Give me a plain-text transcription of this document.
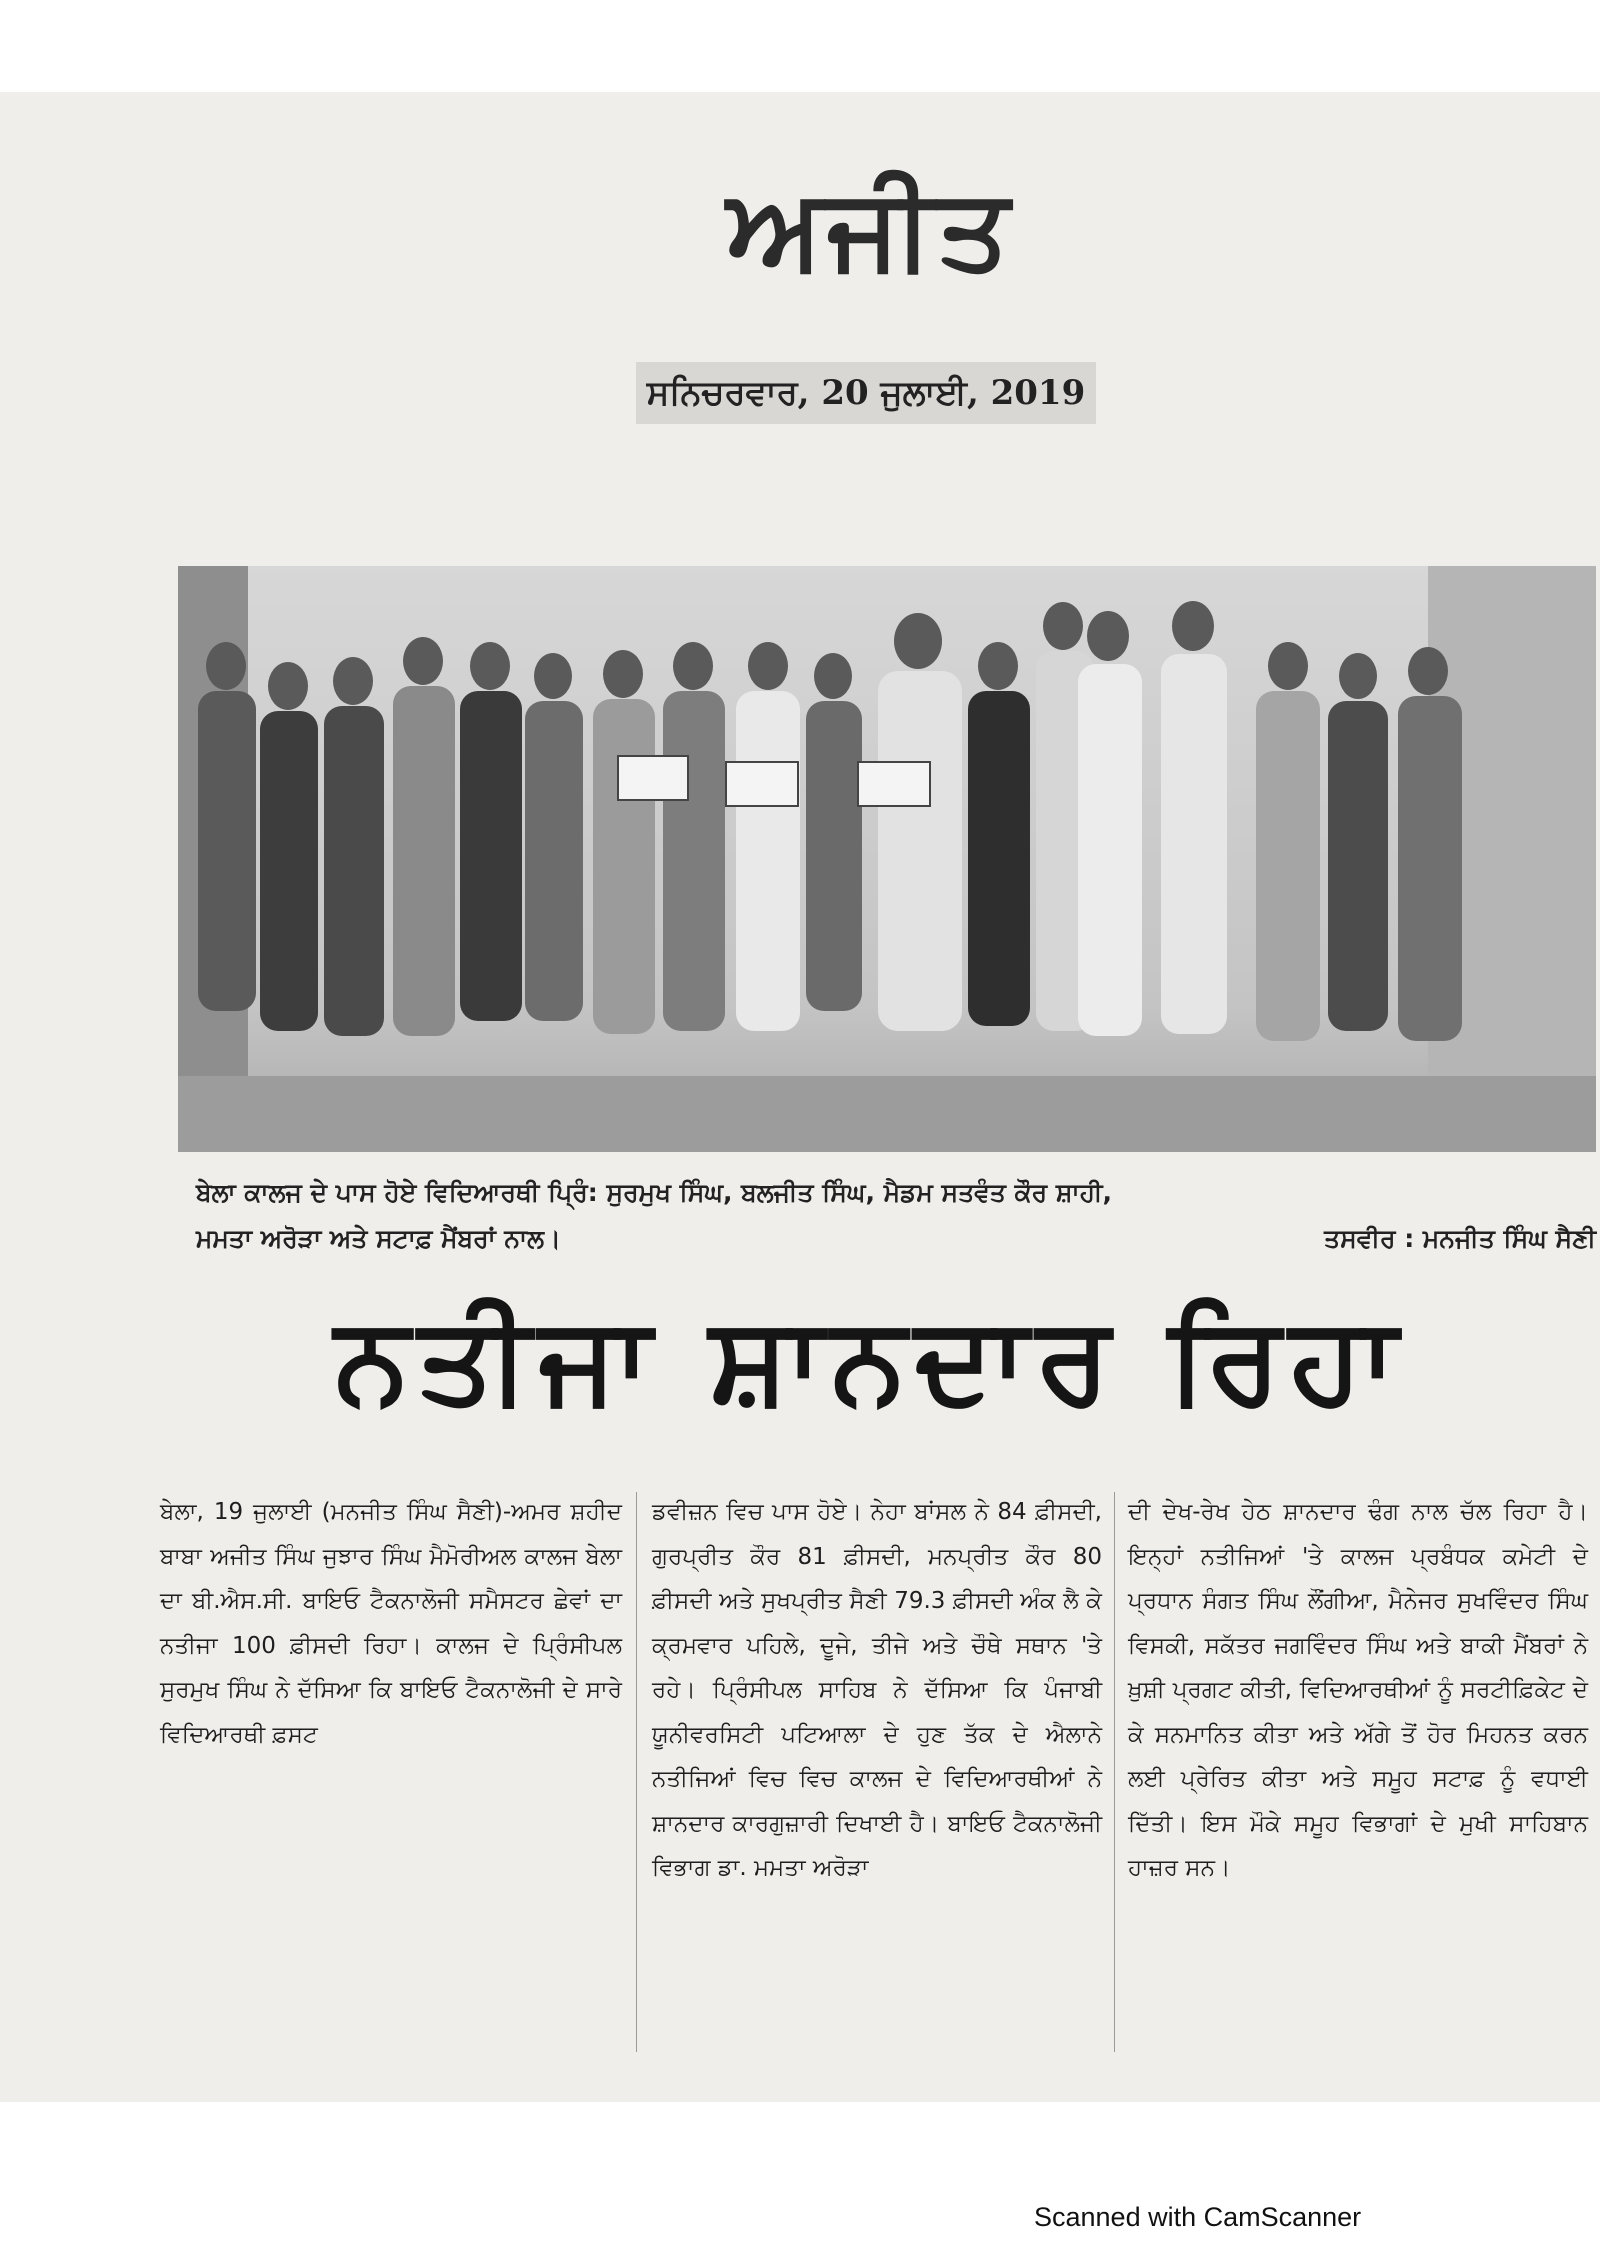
ਅਜੀਤ
ਸਨਿਚਰਵਾਰ, 20 ਜੁਲਾਈ, 2019
ਬੇਲਾ ਕਾਲਜ ਦੇ ਪਾਸ ਹੋਏ ਵਿਦਿਆਰਥੀ ਪ੍ਰਿੰ: ਸੁਰਮੁਖ ਸਿੰਘ, ਬਲਜੀਤ ਸਿੰਘ, ਮੈਡਮ ਸਤਵੰਤ ਕੌਰ ਸ਼ਾਹੀ,
ਮਮਤਾ ਅਰੋੜਾ ਅਤੇ ਸਟਾਫ਼ ਮੈਂਬਰਾਂ ਨਾਲ।	ਤਸਵੀਰ : ਮਨਜੀਤ ਸਿੰਘ ਸੈਣੀ
ਨਤੀਜਾ ਸ਼ਾਨਦਾਰ ਰਿਹਾ
ਬੇਲਾ, 19 ਜੁਲਾਈ (ਮਨਜੀਤ ਸਿੰਘ ਸੈਣੀ)-ਅਮਰ ਸ਼ਹੀਦ ਬਾਬਾ ਅਜੀਤ ਸਿੰਘ ਜੁਝਾਰ ਸਿੰਘ ਮੈਮੋਰੀਅਲ ਕਾਲਜ ਬੇਲਾ ਦਾ ਬੀ.ਐਸ.ਸੀ. ਬਾਇਓ ਟੈਕਨਾਲੋਜੀ ਸਮੈਸਟਰ ਛੇਵਾਂ ਦਾ ਨਤੀਜਾ 100 ਫ਼ੀਸਦੀ ਰਿਹਾ। ਕਾਲਜ ਦੇ ਪ੍ਰਿੰਸੀਪਲ ਸੁਰਮੁਖ ਸਿੰਘ ਨੇ ਦੱਸਿਆ ਕਿ ਬਾਇਓ ਟੈਕਨਾਲੋਜੀ ਦੇ ਸਾਰੇ ਵਿਦਿਆਰਥੀ ਫ਼ਸਟ
ਡਵੀਜ਼ਨ ਵਿਚ ਪਾਸ ਹੋਏ। ਨੇਹਾ ਬਾਂਸਲ ਨੇ 84 ਫ਼ੀਸਦੀ, ਗੁਰਪ੍ਰੀਤ ਕੌਰ 81 ਫ਼ੀਸਦੀ, ਮਨਪ੍ਰੀਤ ਕੌਰ 80 ਫ਼ੀਸਦੀ ਅਤੇ ਸੁਖਪ੍ਰੀਤ ਸੈਣੀ 79.3 ਫ਼ੀਸਦੀ ਅੰਕ ਲੈ ਕੇ ਕ੍ਰਮਵਾਰ ਪਹਿਲੇ, ਦੂਜੇ, ਤੀਜੇ ਅਤੇ ਚੌਥੇ ਸਥਾਨ 'ਤੇ ਰਹੇ। ਪ੍ਰਿੰਸੀਪਲ ਸਾਹਿਬ ਨੇ ਦੱਸਿਆ ਕਿ ਪੰਜਾਬੀ ਯੂਨੀਵਰਸਿਟੀ ਪਟਿਆਲਾ ਦੇ ਹੁਣ ਤੱਕ ਦੇ ਐਲਾਨੇ ਨਤੀਜਿਆਂ ਵਿਚ ਵਿਚ ਕਾਲਜ ਦੇ ਵਿਦਿਆਰਥੀਆਂ ਨੇ ਸ਼ਾਨਦਾਰ ਕਾਰਗੁਜ਼ਾਰੀ ਦਿਖਾਈ ਹੈ। ਬਾਇਓ ਟੈਕਨਾਲੋਜੀ ਵਿਭਾਗ ਡਾ. ਮਮਤਾ ਅਰੋੜਾ
ਦੀ ਦੇਖ-ਰੇਖ ਹੇਠ ਸ਼ਾਨਦਾਰ ਢੰਗ ਨਾਲ ਚੱਲ ਰਿਹਾ ਹੈ। ਇਨ੍ਹਾਂ ਨਤੀਜਿਆਂ 'ਤੇ ਕਾਲਜ ਪ੍ਰਬੰਧਕ ਕਮੇਟੀ ਦੇ ਪ੍ਰਧਾਨ ਸੰਗਤ ਸਿੰਘ ਲੌਂਗੀਆ, ਮੈਨੇਜਰ ਸੁਖਵਿੰਦਰ ਸਿੰਘ ਵਿਸਕੀ, ਸਕੱਤਰ ਜਗਵਿੰਦਰ ਸਿੰਘ ਅਤੇ ਬਾਕੀ ਮੈਂਬਰਾਂ ਨੇ ਖ਼ੁਸ਼ੀ ਪ੍ਰਗਟ ਕੀਤੀ, ਵਿਦਿਆਰਥੀਆਂ ਨੂੰ ਸਰਟੀਫ਼ਿਕੇਟ ਦੇ ਕੇ ਸਨਮਾਨਿਤ ਕੀਤਾ ਅਤੇ ਅੱਗੇ ਤੋਂ ਹੋਰ ਮਿਹਨਤ ਕਰਨ ਲਈ ਪ੍ਰੇਰਿਤ ਕੀਤਾ ਅਤੇ ਸਮੂਹ ਸਟਾਫ਼ ਨੂੰ ਵਧਾਈ ਦਿੱਤੀ। ਇਸ ਮੌਕੇ ਸਮੂਹ ਵਿਭਾਗਾਂ ਦੇ ਮੁਖੀ ਸਾਹਿਬਾਨ ਹਾਜ਼ਰ ਸਨ।
Scanned with CamScanner
